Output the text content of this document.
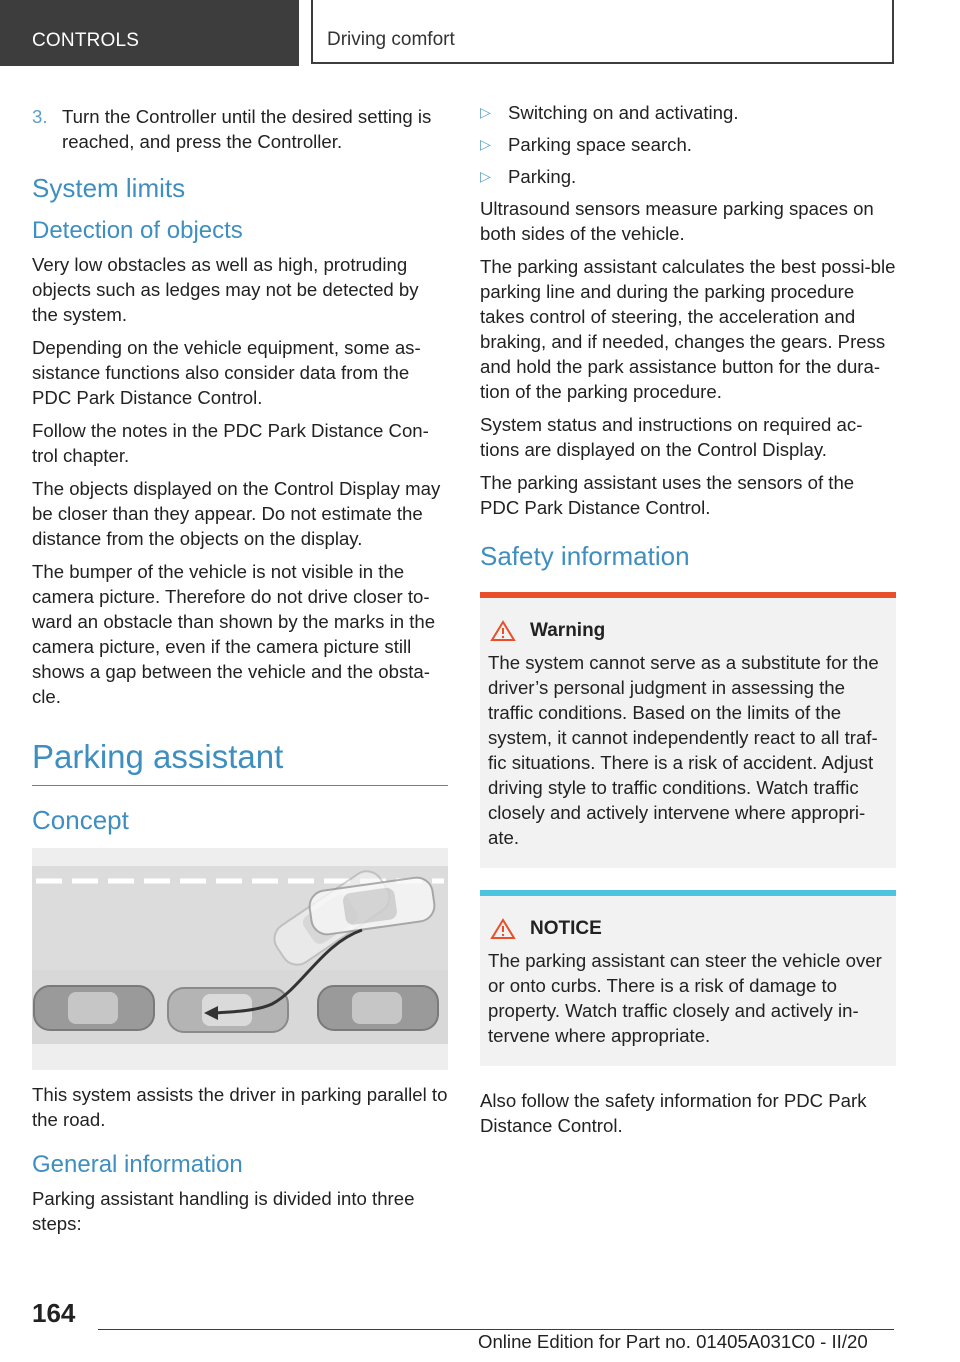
CONTROLS	Driving comfort
3. Turn the Controller until the desired setting is reached, and press the Controller.
System limits
Detection of objects

Very low obstacles as well as high, protruding objects such as ledges may not be detected by the system.

Depending on the vehicle equipment, some as-sistance functions also consider data from the PDC Park Distance Control.

Follow the notes in the PDC Park Distance Con-trol chapter.

The objects displayed on the Control Display may be closer than they appear. Do not estimate the distance from the objects on the display.

The bumper of the vehicle is not visible in the camera picture. Therefore do not drive closer to-ward an obstacle than shown by the marks in the camera picture, even if the camera picture still shows a gap between the vehicle and the obsta-cle.

Parking assistant
Concept

This system assists the driver in parking parallel to the road.

General information

Parking assistant handling is divided into three steps:

▷ Switching on and activating.
▷ Parking space search.
▷ Parking.

Ultrasound sensors measure parking spaces on both sides of the vehicle.

The parking assistant calculates the best possi-ble parking line and during the parking procedure takes control of steering, the acceleration and braking, and if needed, changes the gears. Press and hold the park assistance button for the dura-tion of the parking procedure.

System status and instructions on required ac-tions are displayed on the Control Display.

The parking assistant uses the sensors of the PDC Park Distance Control.

Safety information
Warning

The system cannot serve as a substitute for the driver’s personal judgment in assessing the traffic conditions. Based on the limits of the system, it cannot independently react to all traf-fic situations. There is a risk of accident. Adjust driving style to traffic conditions. Watch traffic closely and actively intervene where appropri-ate.

NOTICE

The parking assistant can steer the vehicle over or onto curbs. There is a risk of damage to property. Watch traffic closely and actively in-tervene where appropriate.

Also follow the safety information for PDC Park Distance Control.

164
Online Edition for Part no. 01405A031C0 - II/20
